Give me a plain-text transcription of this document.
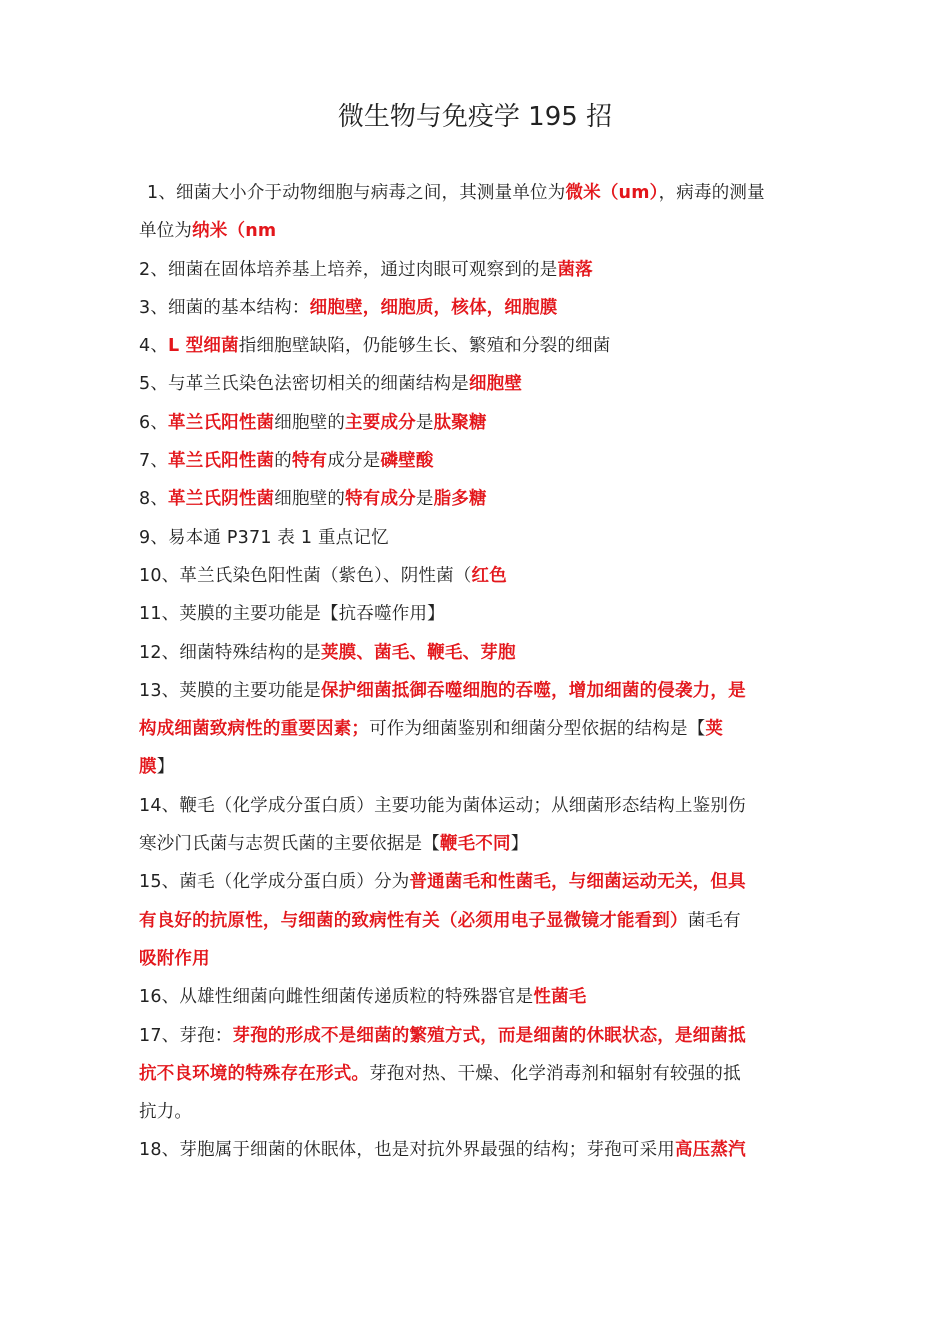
微生物与免疫学 195 招
1、细菌大小介于动物细胞与病毒之间，其测量单位为微米（um），病毒的测量
单位为纳米（nm
2、细菌在固体培养基上培养，通过肉眼可观察到的是菌落
3、细菌的基本结构：细胞壁，细胞质，核体，细胞膜
4、L 型细菌指细胞壁缺陷，仍能够生长、繁殖和分裂的细菌
5、与革兰氏染色法密切相关的细菌结构是细胞壁
6、革兰氏阳性菌细胞壁的主要成分是肽聚糖
7、革兰氏阳性菌的特有成分是磷壁酸
8、革兰氏阴性菌细胞壁的特有成分是脂多糖
9、易本通 P371 表 1 重点记忆
10、革兰氏染色阳性菌（紫色）、阴性菌（红色
11、荚膜的主要功能是【抗吞噬作用】
12、细菌特殊结构的是荚膜、菌毛、鞭毛、芽胞
13、荚膜的主要功能是保护细菌抵御吞噬细胞的吞噬，增加细菌的侵袭力，是
构成细菌致病性的重要因素；可作为细菌鉴别和细菌分型依据的结构是【荚
膜】
14、鞭毛（化学成分蛋白质）主要功能为菌体运动；从细菌形态结构上鉴别伤
寒沙门氏菌与志贺氏菌的主要依据是【鞭毛不同】
15、菌毛（化学成分蛋白质）分为普通菌毛和性菌毛，与细菌运动无关，但具
有良好的抗原性，与细菌的致病性有关（必须用电子显微镜才能看到）菌毛有
吸附作用
16、从雄性细菌向雌性细菌传递质粒的特殊器官是性菌毛
17、芽孢：芽孢的形成不是细菌的繁殖方式，而是细菌的休眠状态，是细菌抵
抗不良环境的特殊存在形式。芽孢对热、干燥、化学消毒剂和辐射有较强的抵
抗力。
18、芽胞属于细菌的休眠体，也是对抗外界最强的结构；芽孢可采用高压蒸汽
